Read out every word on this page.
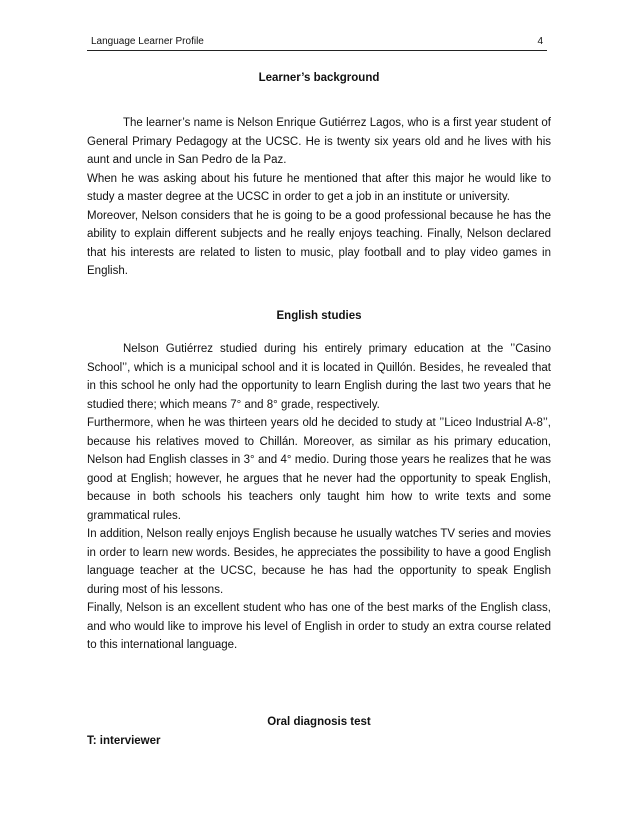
Language Learner Profile	4
Learner’s background

The learner’s name is Nelson Enrique Gutiérrez Lagos, who is a first year student of General Primary Pedagogy at the UCSC. He is twenty six years old and he lives with his aunt and uncle in San Pedro de la Paz.

When he was asking about his future he mentioned that after this major he would like to study a master degree at the UCSC in order to get a job in an institute or university.

Moreover, Nelson considers that he is going to be a good professional because he has the ability to explain different subjects and he really enjoys teaching. Finally, Nelson declared that his interests are related to listen to music, play football and to play video games in English.

English studies

Nelson Gutiérrez studied during his entirely primary education at the ’’Casino School’’, which is a municipal school and it is located in Quillón. Besides, he revealed that in this school he only had the opportunity to learn English during the last two years that he studied there; which means 7° and 8° grade, respectively.

Furthermore, when he was thirteen years old he decided to study at ’’Liceo Industrial A-8’’, because his relatives moved to Chillán. Moreover, as similar as his primary education, Nelson had English classes in 3° and 4° medio. During those years he realizes that he was good at English; however, he argues that he never had the opportunity to speak English, because in both schools his teachers only taught him how to write texts and some grammatical rules.

In addition, Nelson really enjoys English because he usually watches TV series and movies in order to learn new words. Besides, he appreciates the possibility to have a good English language teacher at the UCSC, because he has had the opportunity to speak English during most of his lessons.

Finally, Nelson is an excellent student who has one of the best marks of the English class, and who would like to improve his level of English in order to study an extra course related to this international language.

Oral diagnosis test
T: interviewer
